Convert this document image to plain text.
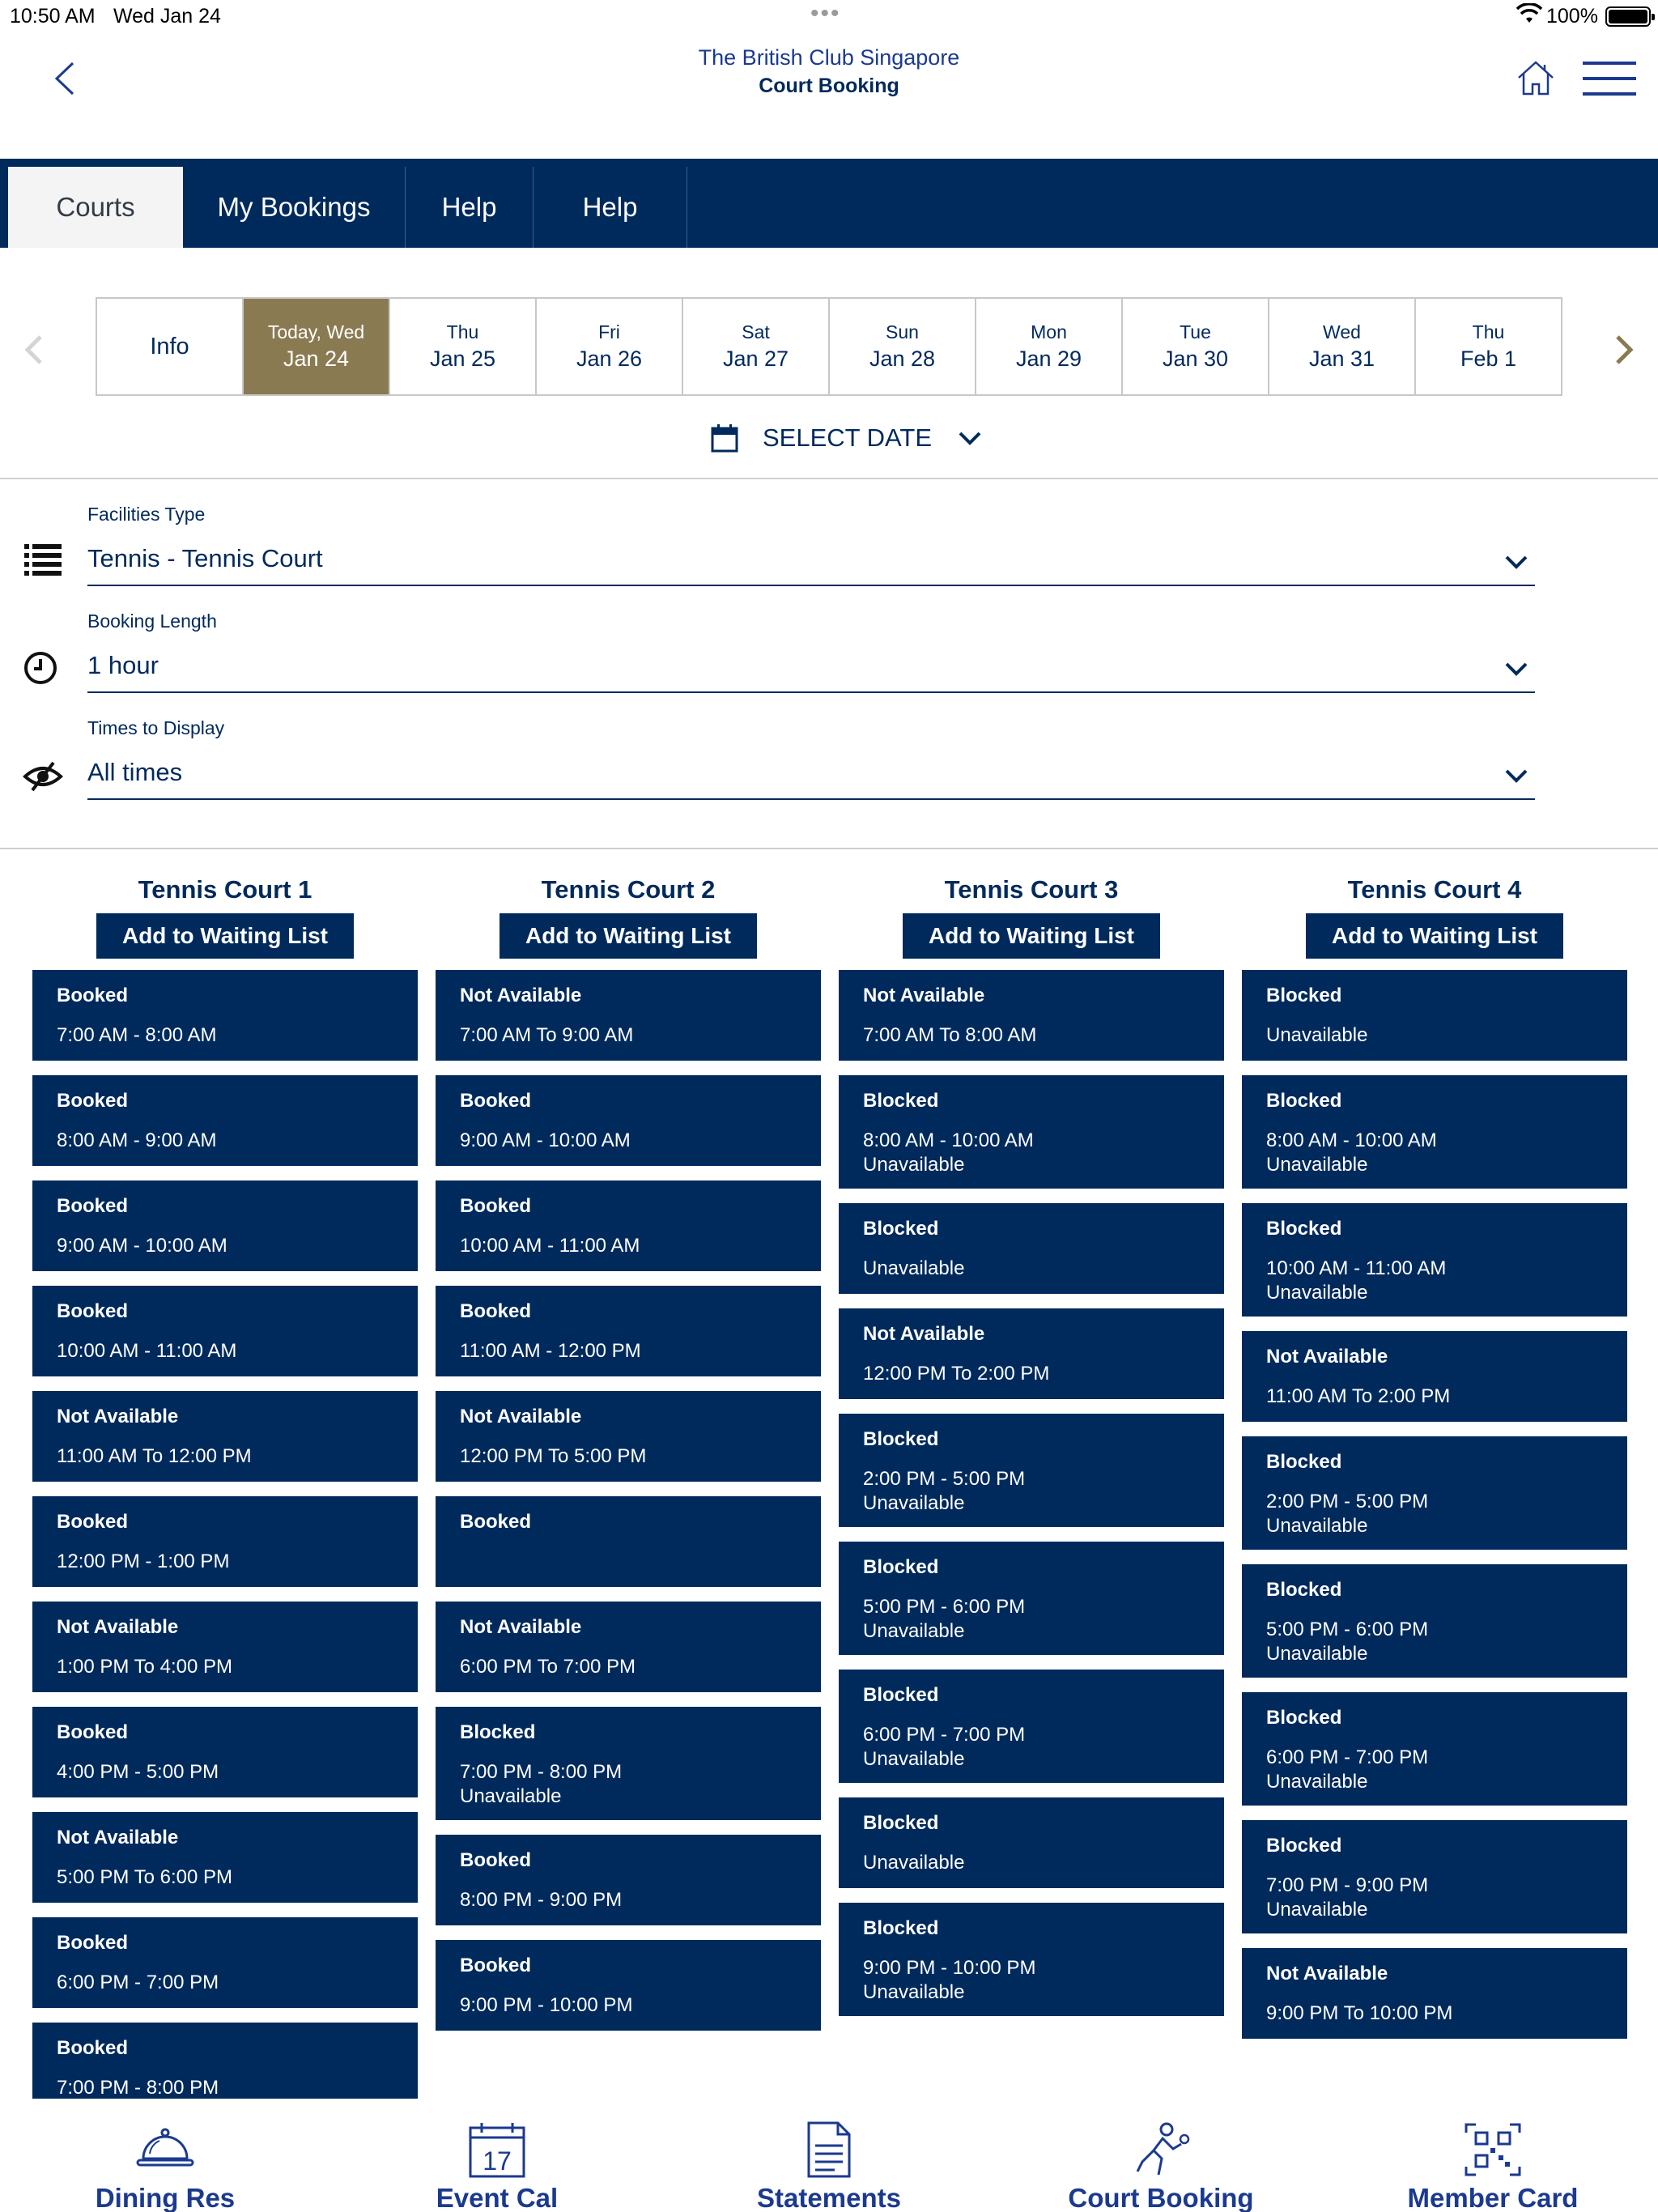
10:50 AM Wed Jan 24	•••	100%
The British Club Singapore
Court Booking
Courts	My Bookings	Help	Help
Info
Today, Wed
Jan 24
Thu
Jan 25
Fri
Jan 26
Sat
Jan 27
Sun
Jan 28
Mon
Jan 29
Tue
Jan 30
Wed
Jan 31
Thu
Feb 1
SELECT DATE
Facilities Type
Tennis - Tennis Court
Booking Length
1 hour
Times to Display
All times
Tennis Court 1
Add to Waiting List
Booked
7:00 AM - 8:00 AM
Booked
8:00 AM - 9:00 AM
Booked
9:00 AM - 10:00 AM
Booked
10:00 AM - 11:00 AM
Not Available
11:00 AM To 12:00 PM
Booked
12:00 PM - 1:00 PM
Not Available
1:00 PM To 4:00 PM
Booked
4:00 PM - 5:00 PM
Not Available
5:00 PM To 6:00 PM
Booked
6:00 PM - 7:00 PM
Booked
7:00 PM - 8:00 PM
Tennis Court 2
Add to Waiting List
Not Available
7:00 AM To 9:00 AM
Booked
9:00 AM - 10:00 AM
Booked
10:00 AM - 11:00 AM
Booked
11:00 AM - 12:00 PM
Not Available
12:00 PM To 5:00 PM
Booked
Not Available
6:00 PM To 7:00 PM
Blocked
7:00 PM - 8:00 PM
Unavailable
Booked
8:00 PM - 9:00 PM
Booked
9:00 PM - 10:00 PM
Tennis Court 3
Add to Waiting List
Not Available
7:00 AM To 8:00 AM
Blocked
8:00 AM - 10:00 AM
Unavailable
Blocked
Unavailable
Not Available
12:00 PM To 2:00 PM
Blocked
2:00 PM - 5:00 PM
Unavailable
Blocked
5:00 PM - 6:00 PM
Unavailable
Blocked
6:00 PM - 7:00 PM
Unavailable
Blocked
Unavailable
Blocked
9:00 PM - 10:00 PM
Unavailable
Tennis Court 4
Add to Waiting List
Blocked
Unavailable
Blocked
8:00 AM - 10:00 AM
Unavailable
Blocked
10:00 AM - 11:00 AM
Unavailable
Not Available
11:00 AM To 2:00 PM
Blocked
2:00 PM - 5:00 PM
Unavailable
Blocked
5:00 PM - 6:00 PM
Unavailable
Blocked
6:00 PM - 7:00 PM
Unavailable
Blocked
7:00 PM - 9:00 PM
Unavailable
Not Available
9:00 PM To 10:00 PM
Dining Res
17
Event Cal	Statements	Court Booking	Member Card
